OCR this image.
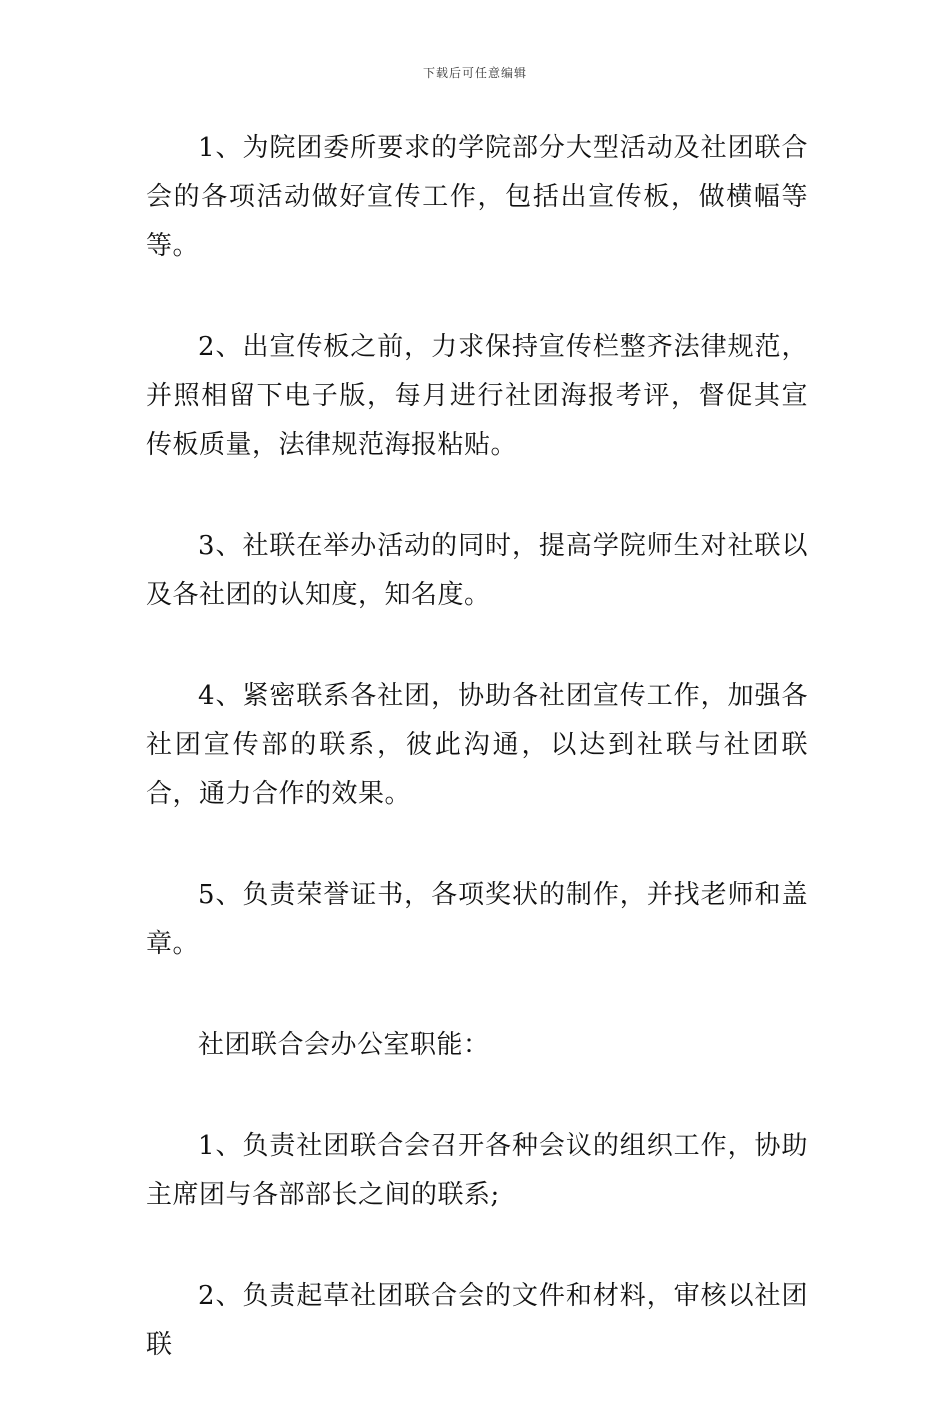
下载后可任意编辑

1、为院团委所要求的学院部分大型活动及社团联合会的各项活动做好宣传工作，包括出宣传板，做横幅等等。

2、出宣传板之前，力求保持宣传栏整齐法律规范，并照相留下电子版，每月进行社团海报考评，督促其宣传板质量，法律规范海报粘贴。

3、社联在举办活动的同时，提高学院师生对社联以及各社团的认知度，知名度。

4、紧密联系各社团，协助各社团宣传工作，加强各社团宣传部的联系，彼此沟通，以达到社联与社团联合，通力合作的效果。

5、负责荣誉证书，各项奖状的制作，并找老师和盖章。

社团联合会办公室职能：

1、负责社团联合会召开各种会议的组织工作，协助主席团与各部部长之间的联系;

2、负责起草社团联合会的文件和材料，审核以社团联
